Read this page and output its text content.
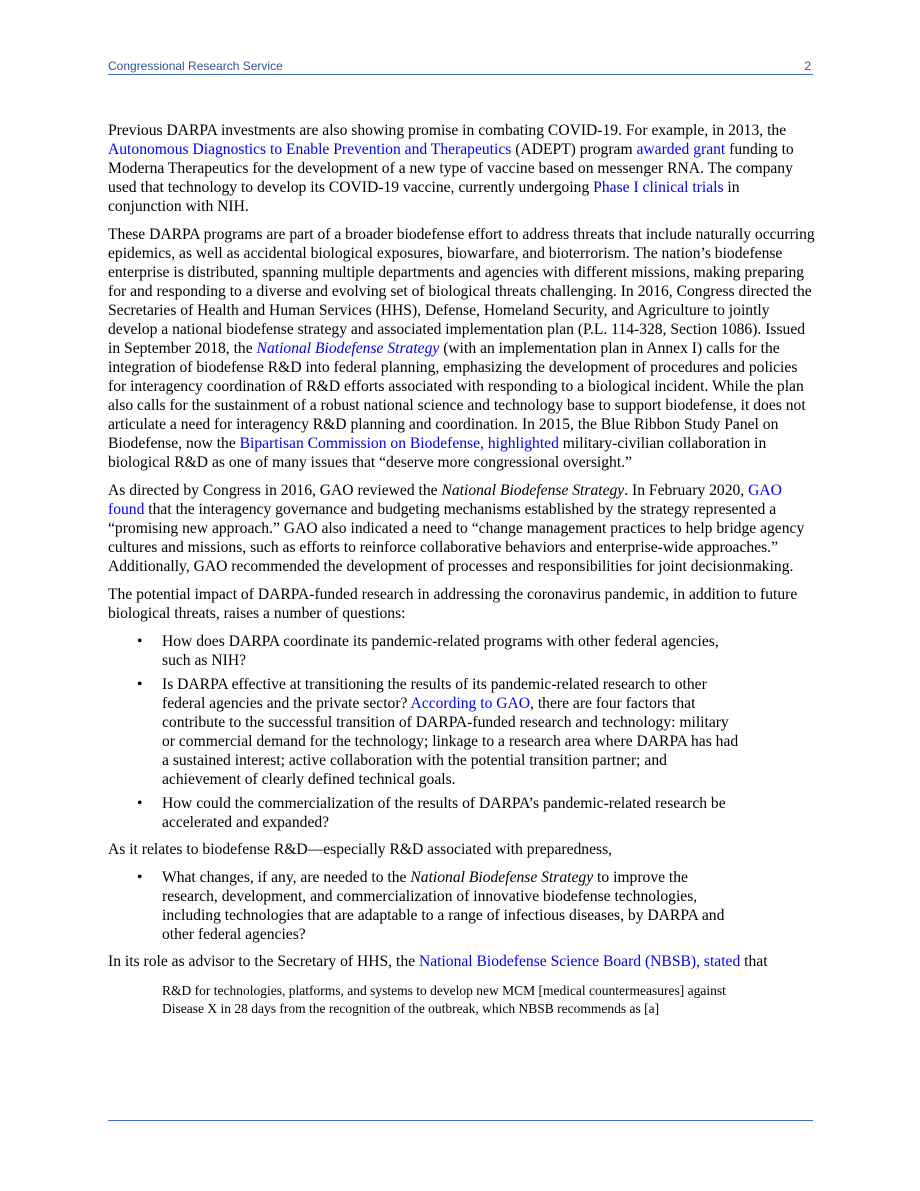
Congressional Research Service	2

Previous DARPA investments are also showing promise in combating COVID-19. For example, in 2013, the Autonomous Diagnostics to Enable Prevention and Therapeutics (ADEPT) program awarded grant funding to Moderna Therapeutics for the development of a new type of vaccine based on messenger RNA. The company used that technology to develop its COVID-19 vaccine, currently undergoing Phase I clinical trials in conjunction with NIH.

These DARPA programs are part of a broader biodefense effort to address threats that include naturally occurring epidemics, as well as accidental biological exposures, biowarfare, and bioterrorism. The nation’s biodefense enterprise is distributed, spanning multiple departments and agencies with different missions, making preparing for and responding to a diverse and evolving set of biological threats challenging. In 2016, Congress directed the Secretaries of Health and Human Services (HHS), Defense, Homeland Security, and Agriculture to jointly develop a national biodefense strategy and associated implementation plan (P.L. 114-328, Section 1086). Issued in September 2018, the National Biodefense Strategy (with an implementation plan in Annex I) calls for the integration of biodefense R&D into federal planning, emphasizing the development of procedures and policies for interagency coordination of R&D efforts associated with responding to a biological incident. While the plan also calls for the sustainment of a robust national science and technology base to support biodefense, it does not articulate a need for interagency R&D planning and coordination. In 2015, the Blue Ribbon Study Panel on Biodefense, now the Bipartisan Commission on Biodefense, highlighted military-civilian collaboration in biological R&D as one of many issues that “deserve more congressional oversight.”

As directed by Congress in 2016, GAO reviewed the National Biodefense Strategy. In February 2020, GAO found that the interagency governance and budgeting mechanisms established by the strategy represented a “promising new approach.” GAO also indicated a need to “change management practices to help bridge agency cultures and missions, such as efforts to reinforce collaborative behaviors and enterprise-wide approaches.” Additionally, GAO recommended the development of processes and responsibilities for joint decisionmaking.

The potential impact of DARPA-funded research in addressing the coronavirus pandemic, in addition to future biological threats, raises a number of questions:

• How does DARPA coordinate its pandemic-related programs with other federal agencies, such as NIH?
• Is DARPA effective at transitioning the results of its pandemic-related research to other federal agencies and the private sector? According to GAO, there are four factors that contribute to the successful transition of DARPA-funded research and technology: military or commercial demand for the technology; linkage to a research area where DARPA has had a sustained interest; active collaboration with the potential transition partner; and achievement of clearly defined technical goals.
• How could the commercialization of the results of DARPA’s pandemic-related research be accelerated and expanded?

As it relates to biodefense R&D—especially R&D associated with preparedness,

• What changes, if any, are needed to the National Biodefense Strategy to improve the research, development, and commercialization of innovative biodefense technologies, including technologies that are adaptable to a range of infectious diseases, by DARPA and other federal agencies?

In its role as advisor to the Secretary of HHS, the National Biodefense Science Board (NBSB), stated that

R&D for technologies, platforms, and systems to develop new MCM [medical countermeasures] against Disease X in 28 days from the recognition of the outbreak, which NBSB recommends as [a]
